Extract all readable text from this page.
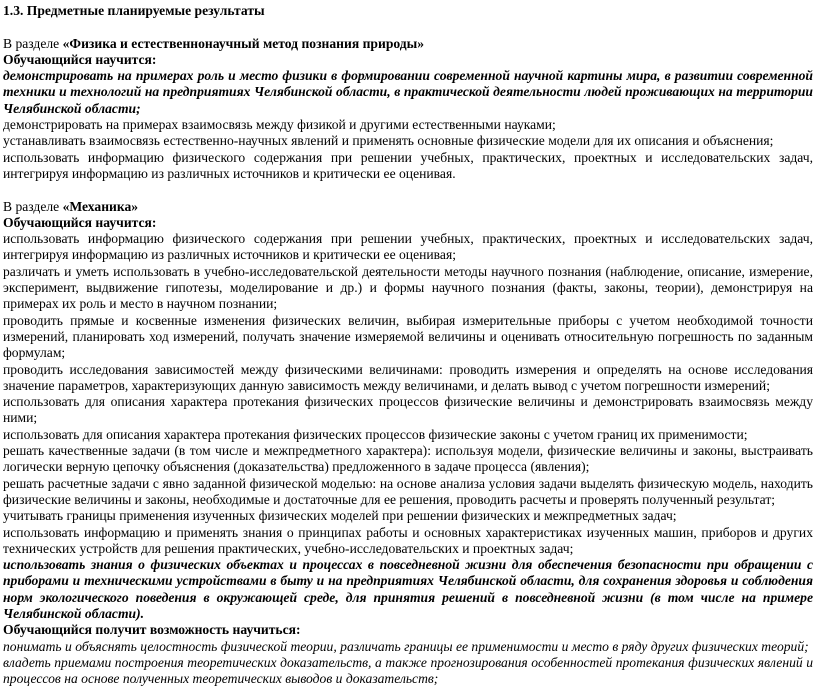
1.3. Предметные планируемые результаты

В разделе «Физика и естественнонаучный метод познания природы»

Обучающийся научится:

демонстрировать на примерах роль и место физики в формировании современной научной картины мира, в развитии современной техники и технологий на предприятиях Челябинской области, в практической деятельности людей проживающих на территории Челябинской области;

демонстрировать на примерах взаимосвязь между физикой и другими естественными науками;

устанавливать взаимосвязь естественно-научных явлений и применять основные физические модели для их описания и объяснения;

использовать информацию физического содержания при решении учебных, практических, проектных и исследовательских задач, интегрируя информацию из различных источников и критически ее оценивая.

В разделе «Механика»

Обучающийся научится:

использовать информацию физического содержания при решении учебных, практических, проектных и исследовательских задач, интегрируя информацию из различных источников и критически ее оценивая;

различать и уметь использовать в учебно-исследовательской деятельности методы научного познания (наблюдение, описание, измерение, эксперимент, выдвижение гипотезы, моделирование и др.) и формы научного познания (факты, законы, теории), демонстрируя на примерах их роль и место в научном познании;

проводить прямые и косвенные изменения физических величин, выбирая измерительные приборы с учетом необходимой точности измерений, планировать ход измерений, получать значение измеряемой величины и оценивать относительную погрешность по заданным формулам;

проводить исследования зависимостей между физическими величинами: проводить измерения и определять на основе исследования значение параметров, характеризующих данную зависимость между величинами, и делать вывод с учетом погрешности измерений;

использовать для описания характера протекания физических процессов физические величины и демонстрировать взаимосвязь между ними;

использовать для описания характера протекания физических процессов физические законы с учетом границ их применимости;

решать качественные задачи (в том числе и межпредметного характера): используя модели, физические величины и законы, выстраивать логически верную цепочку объяснения (доказательства) предложенного в задаче процесса (явления);

решать расчетные задачи с явно заданной физической моделью: на основе анализа условия задачи выделять физическую модель, находить физические величины и законы, необходимые и достаточные для ее решения, проводить расчеты и проверять полученный результат;

учитывать границы применения изученных физических моделей при решении физических и межпредметных задач;

использовать информацию и применять знания о принципах работы и основных характеристиках изученных машин, приборов и других технических устройств для решения практических, учебно-исследовательских и проектных задач;

использовать знания о физических объектах и процессах в повседневной жизни для обеспечения безопасности при обращении с приборами и техническими устройствами в быту и на предприятиях Челябинской области, для сохранения здоровья и соблюдения норм экологического поведения в окружающей среде, для принятия решений в повседневной жизни (в том числе на примере Челябинской области).

Обучающийся получит возможность научиться:

понимать и объяснять целостность физической теории, различать границы ее применимости и место в ряду других физических теорий;

владеть приемами построения теоретических доказательств, а также прогнозирования особенностей протекания физических явлений и процессов на основе полученных теоретических выводов и доказательств;
